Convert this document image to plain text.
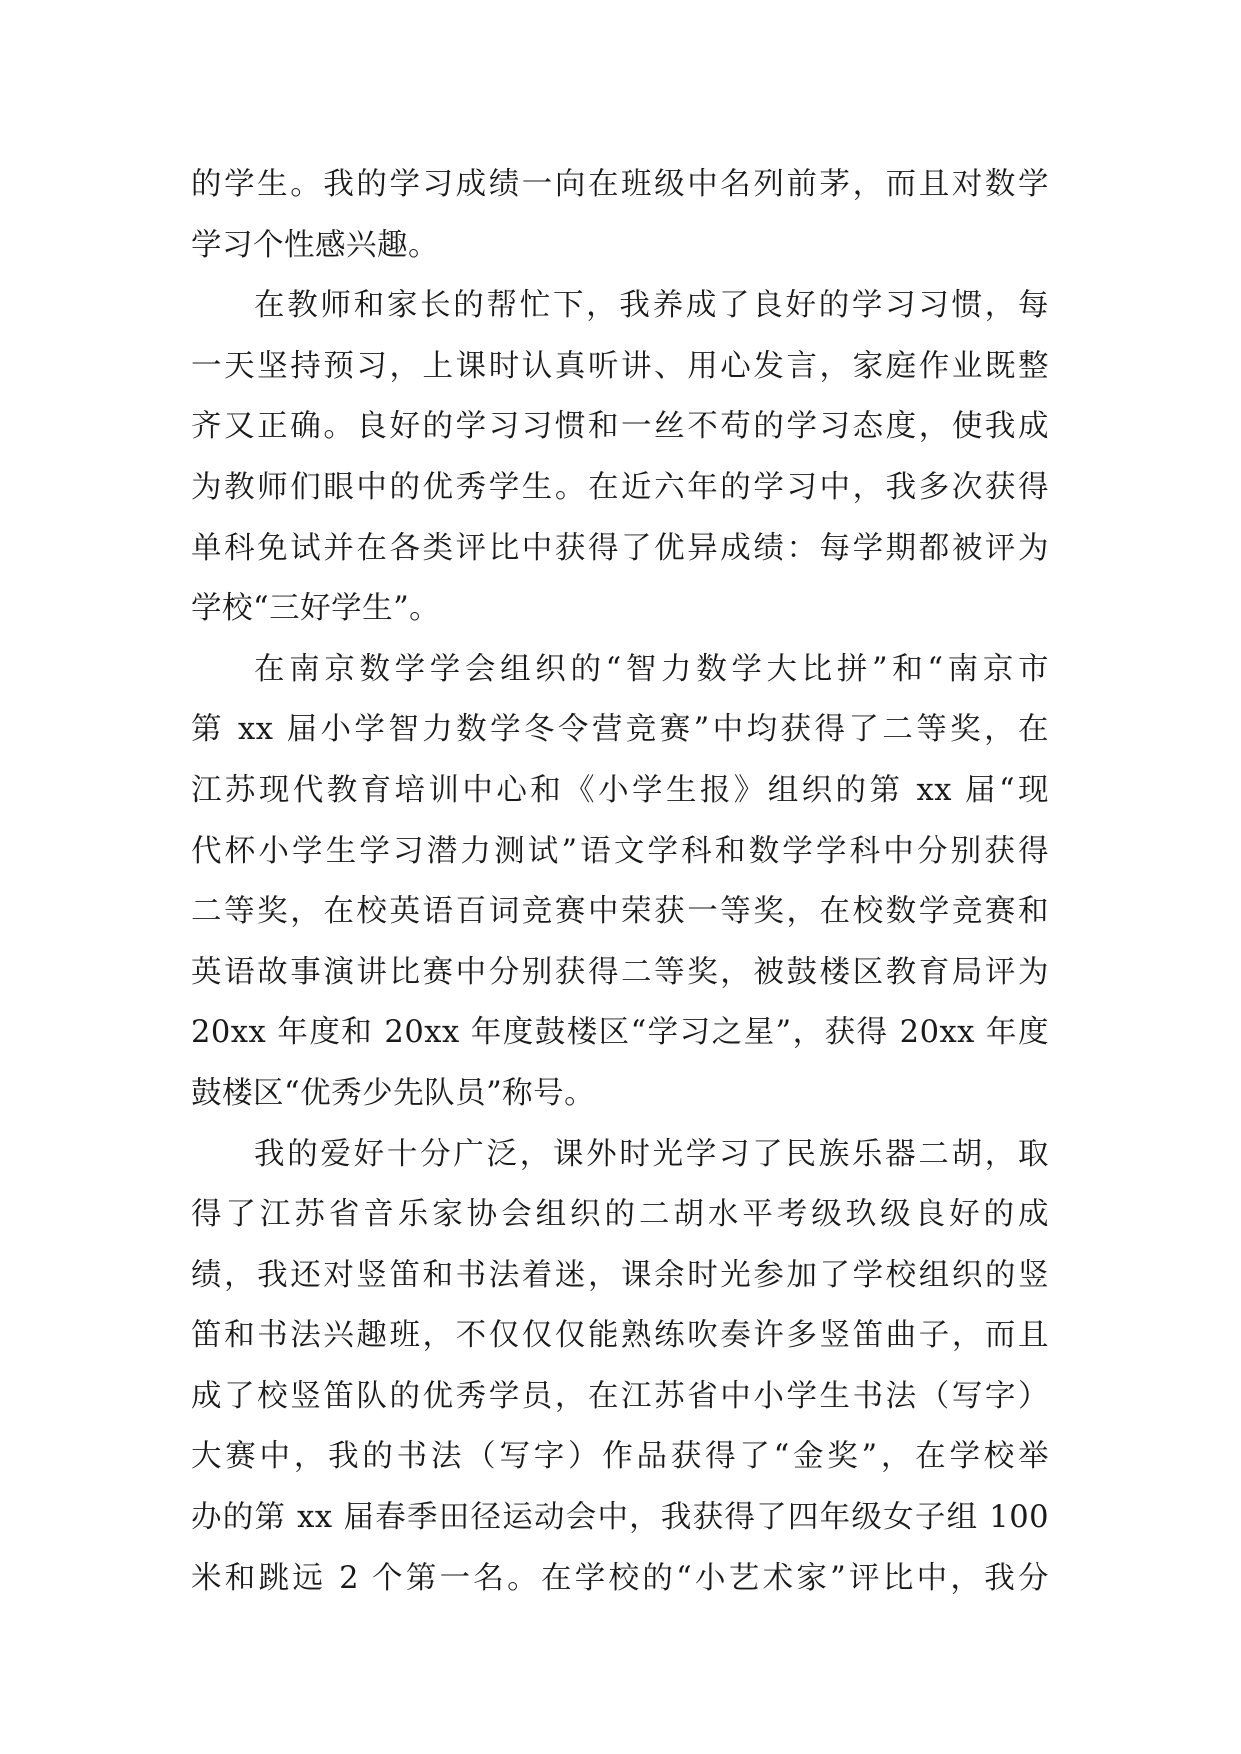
的学生。我的学习成绩一向在班级中名列前茅，而且对数学
学习个性感兴趣。
在教师和家长的帮忙下，我养成了良好的学习习惯，每
一天坚持预习，上课时认真听讲、用心发言，家庭作业既整
齐又正确。良好的学习习惯和一丝不苟的学习态度，使我成
为教师们眼中的优秀学生。在近六年的学习中，我多次获得
单科免试并在各类评比中获得了优异成绩：每学期都被评为
学校“三好学生”。
在南京数学学会组织的“智力数学大比拼”和“南京市
第 xx 届小学智力数学冬令营竞赛”中均获得了二等奖，在
江苏现代教育培训中心和《小学生报》组织的第 xx 届“现
代杯小学生学习潜力测试”语文学科和数学学科中分别获得
二等奖，在校英语百词竞赛中荣获一等奖，在校数学竞赛和
英语故事演讲比赛中分别获得二等奖，被鼓楼区教育局评为
20xx 年度和 20xx 年度鼓楼区“学习之星”，获得 20xx 年度
鼓楼区“优秀少先队员”称号。
我的爱好十分广泛，课外时光学习了民族乐器二胡，取
得了江苏省音乐家协会组织的二胡水平考级玖级良好的成
绩，我还对竖笛和书法着迷，课余时光参加了学校组织的竖
笛和书法兴趣班，不仅仅仅能熟练吹奏许多竖笛曲子，而且
成了校竖笛队的优秀学员，在江苏省中小学生书法（写字）
大赛中，我的书法（写字）作品获得了“金奖”，在学校举
办的第 xx 届春季田径运动会中，我获得了四年级女子组 100
米和跳远 2 个第一名。在学校的“小艺术家”评比中，我分
